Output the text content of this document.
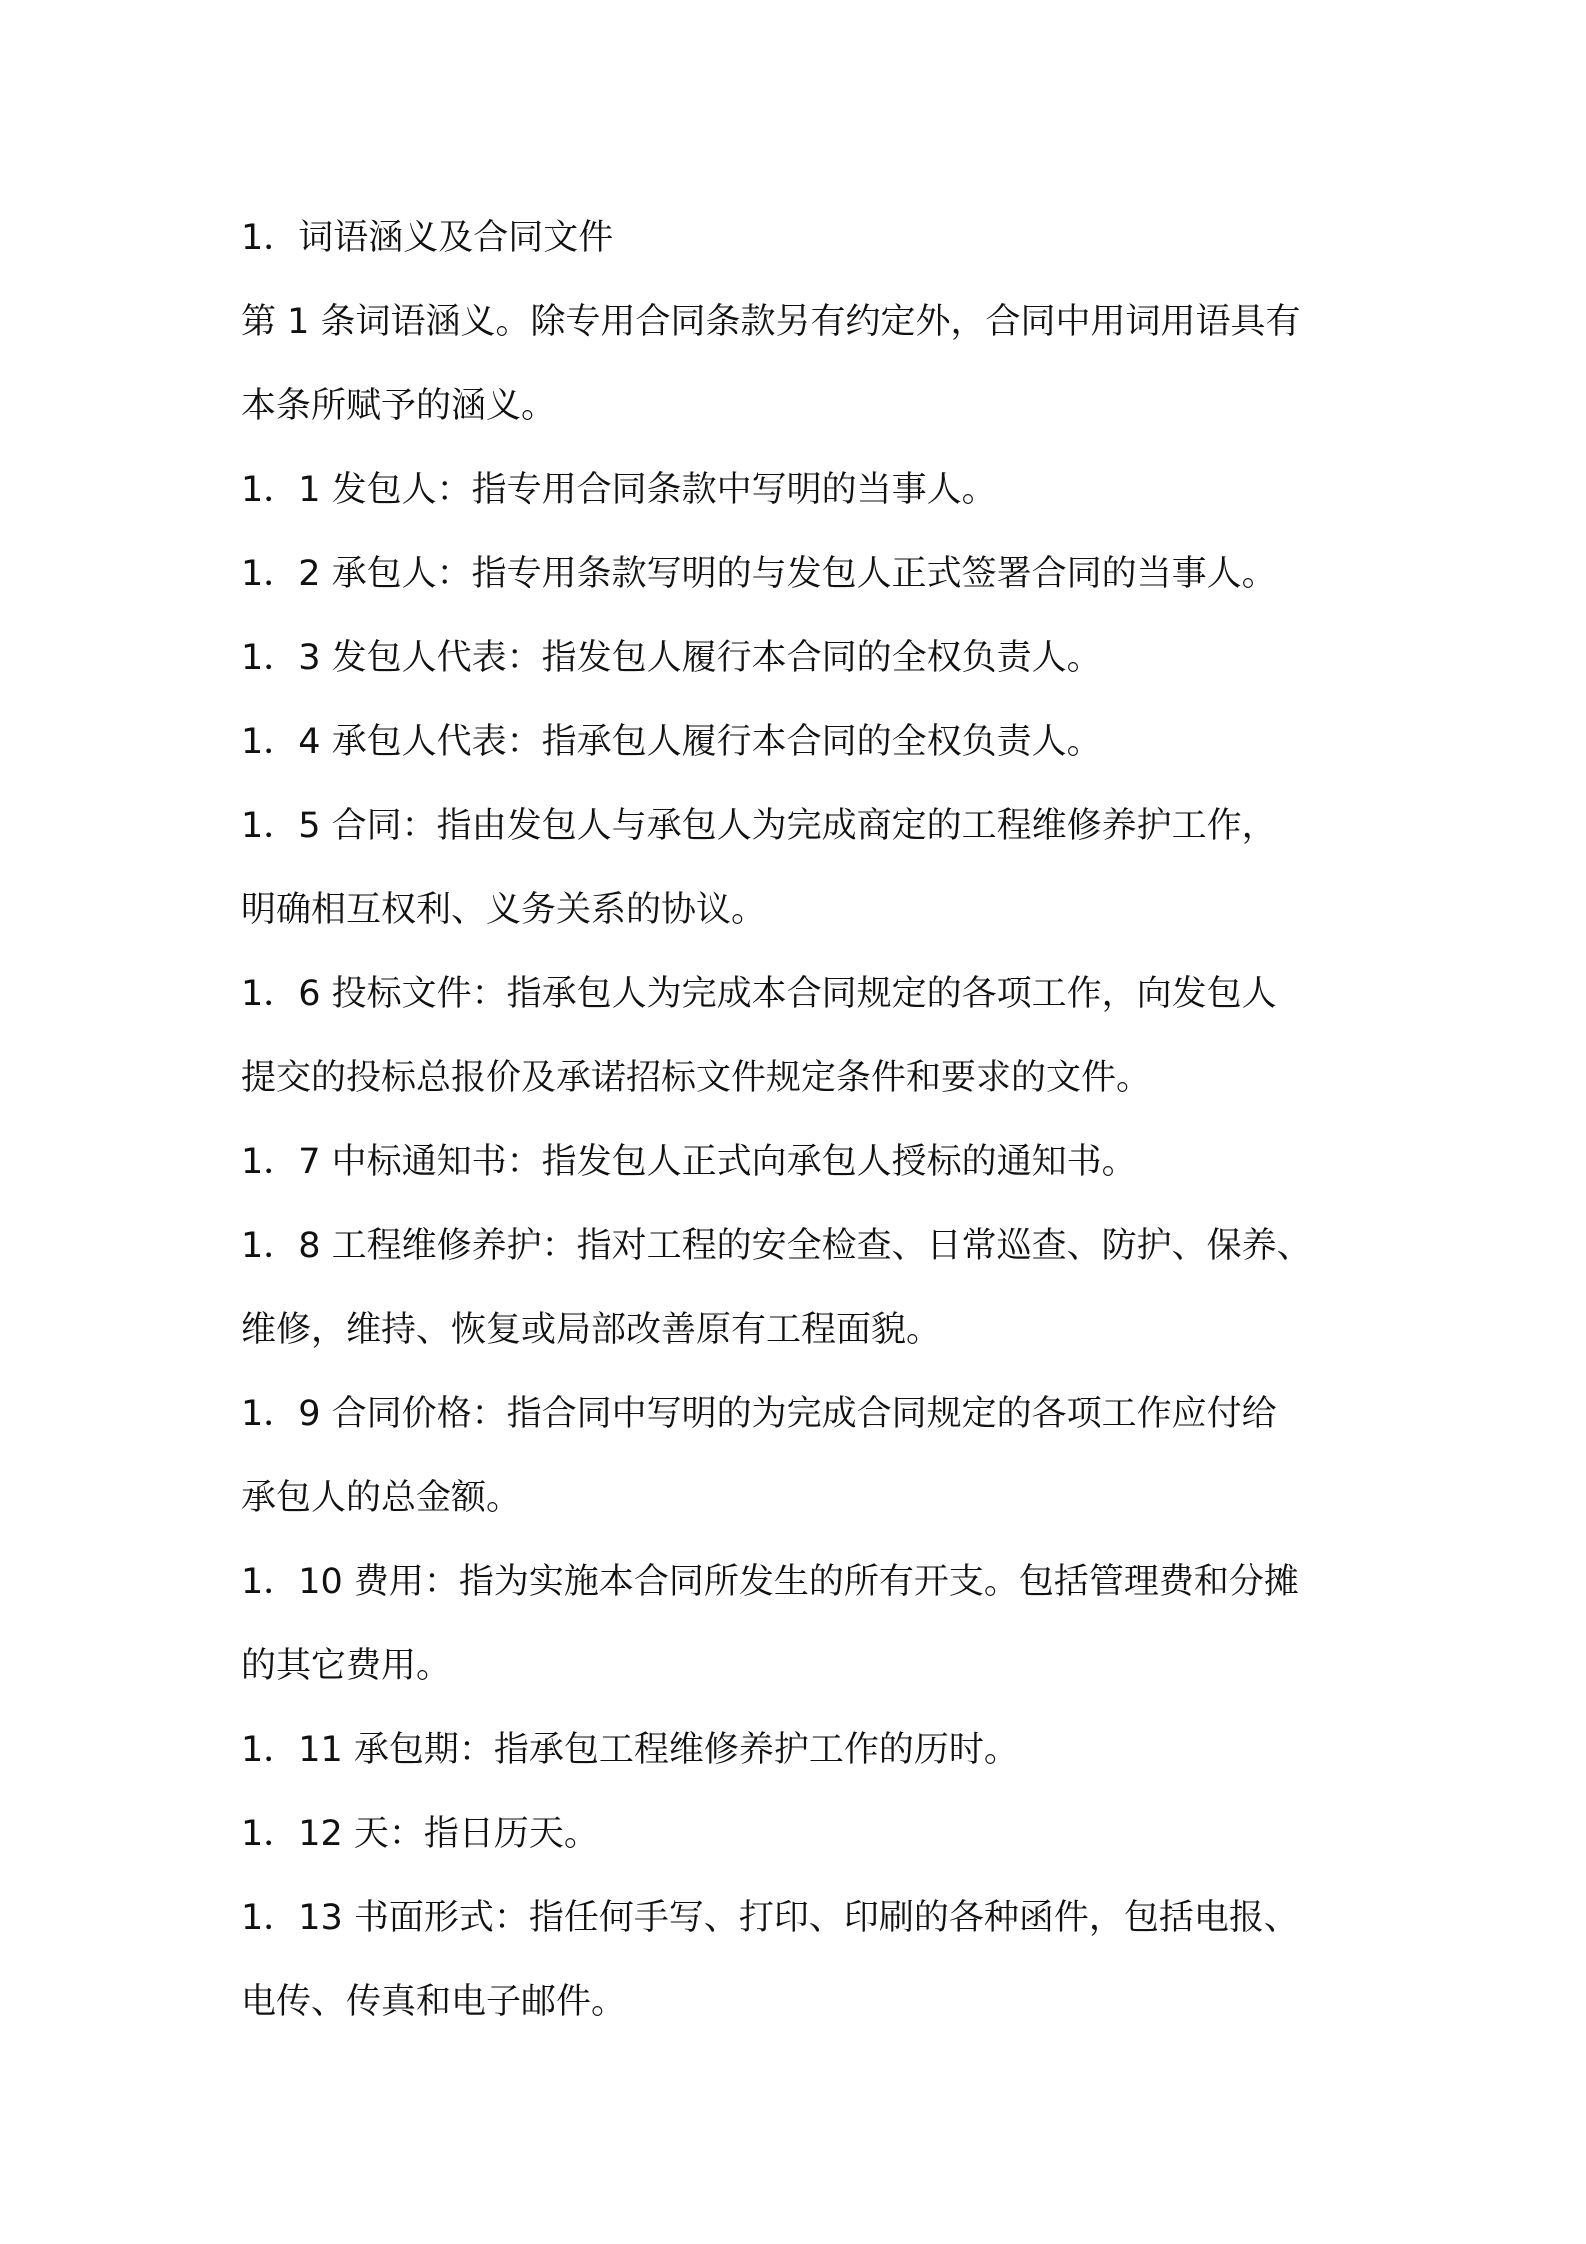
1．词语涵义及合同文件
第 1 条词语涵义。除专用合同条款另有约定外，合同中用词用语具有
本条所赋予的涵义。
1．1 发包人：指专用合同条款中写明的当事人。
1．2 承包人：指专用条款写明的与发包人正式签署合同的当事人。
1．3 发包人代表：指发包人履行本合同的全权负责人。
1．4 承包人代表：指承包人履行本合同的全权负责人。
1．5 合同：指由发包人与承包人为完成商定的工程维修养护工作，
明确相互权利、义务关系的协议。
1．6 投标文件：指承包人为完成本合同规定的各项工作，向发包人
提交的投标总报价及承诺招标文件规定条件和要求的文件。
1．7 中标通知书：指发包人正式向承包人授标的通知书。
1．8 工程维修养护：指对工程的安全检查、日常巡查、防护、保养、
维修，维持、恢复或局部改善原有工程面貌。
1．9 合同价格：指合同中写明的为完成合同规定的各项工作应付给
承包人的总金额。
1．10 费用：指为实施本合同所发生的所有开支。包括管理费和分摊
的其它费用。
1．11 承包期：指承包工程维修养护工作的历时。
1．12 天：指日历天。
1．13 书面形式：指任何手写、打印、印刷的各种函件，包括电报、
电传、传真和电子邮件。
